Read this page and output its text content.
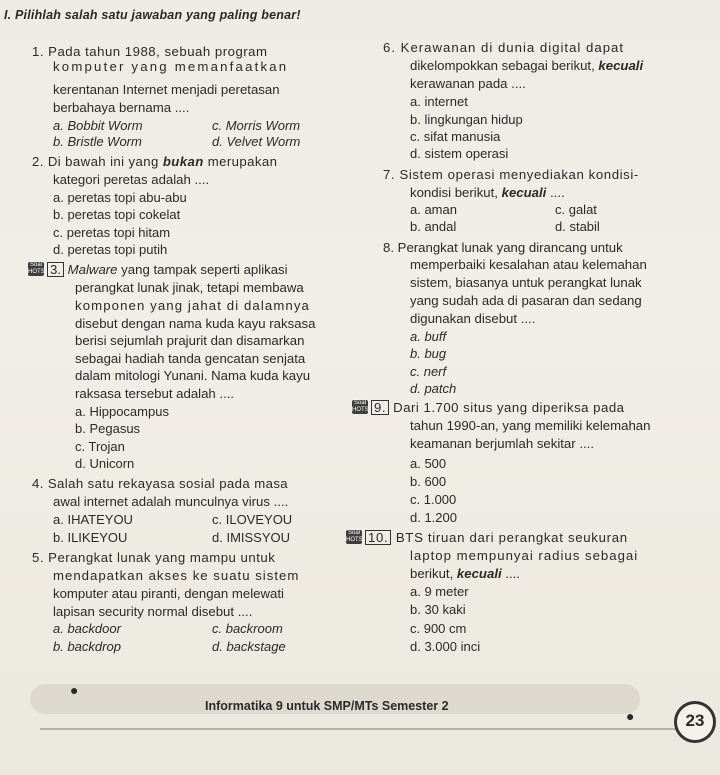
I. Pilihlah salah satu jawaban yang paling benar!
1. Pada tahun 1988, sebuah program
komputer yang memanfaatkan
kerentanan Internet menjadi peretasan
berbahaya bernama ....
a. Bobbit Worm	c. Morris Worm
b. Bristle Worm	d. Velvet Worm
2. Di bawah ini yang bukan merupakan
kategori peretas adalah ....
a. peretas topi abu-abu
b. peretas topi cokelat
c. peretas topi hitam
d. peretas topi putih
Soal HOTS 3. Malware yang tampak seperti aplikasi
perangkat lunak jinak, tetapi membawa
komponen yang jahat di dalamnya
disebut dengan nama kuda kayu raksasa
berisi sejumlah prajurit dan disamarkan
sebagai hadiah tanda gencatan senjata
dalam mitologi Yunani. Nama kuda kayu
raksasa tersebut adalah ....
a. Hippocampus
b. Pegasus
c. Trojan
d. Unicorn
4. Salah satu rekayasa sosial pada masa
awal internet adalah munculnya virus ....
a. IHATEYOU	c. ILOVEYOU
b. ILIKEYOU	d. IMISSYOU
5. Perangkat lunak yang mampu untuk
mendapatkan akses ke suatu sistem
komputer atau piranti, dengan melewati
lapisan security normal disebut ....
a. backdoor	c. backroom
b. backdrop	d. backstage
6. Kerawanan di dunia digital dapat
dikelompokkan sebagai berikut, kecuali
kerawanan pada ....
a. internet
b. lingkungan hidup
c. sifat manusia
d. sistem operasi
7. Sistem operasi menyediakan kondisi-
kondisi berikut, kecuali ....
a. aman	c. galat
b. andal	d. stabil
8. Perangkat lunak yang dirancang untuk
memperbaiki kesalahan atau kelemahan
sistem, biasanya untuk perangkat lunak
yang sudah ada di pasaran dan sedang
digunakan disebut ....
a. buff
b. bug
c. nerf
d. patch
Soal HOTS 9. Dari 1.700 situs yang diperiksa pada
tahun 1990-an, yang memiliki kelemahan
keamanan berjumlah sekitar ....
a. 500
b. 600
c. 1.000
d. 1.200
Soal HOTS 10. BTS tiruan dari perangkat seukuran
laptop mempunyai radius sebagai
berikut, kecuali ....
a. 9 meter
b. 30 kaki
c. 900 cm
d. 3.000 inci
●
●
Informatika 9 untuk SMP/MTs Semester 2
23
